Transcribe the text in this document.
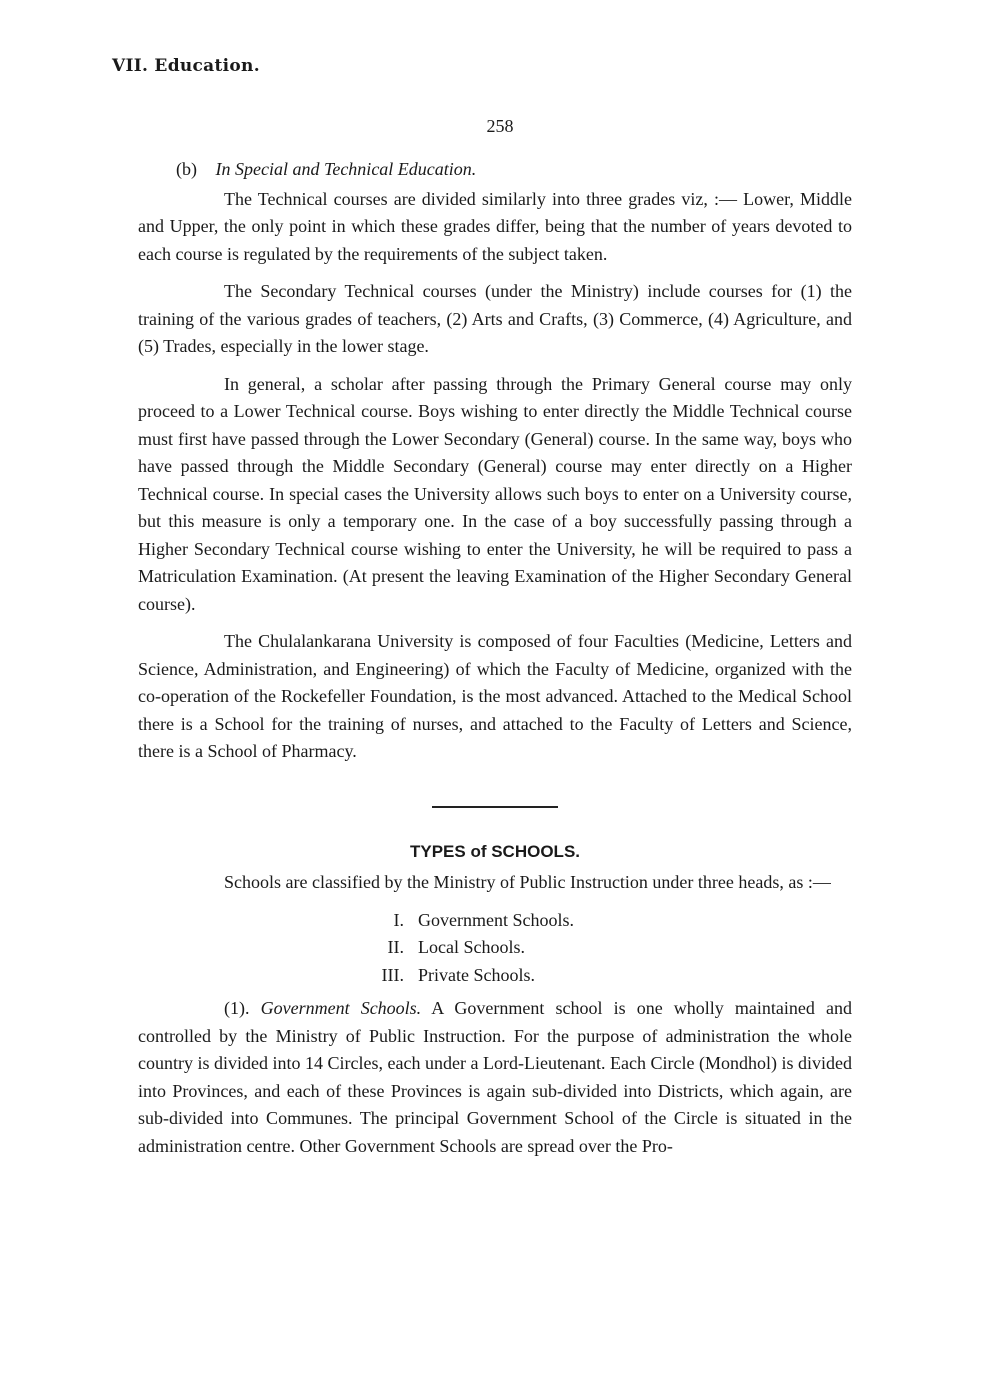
VII. Education.
258
(b) In Special and Technical Education.

The Technical courses are divided similarly into three grades viz, :— Lower, Middle and Upper, the only point in which these grades differ, being that the number of years devoted to each course is regulated by the requirements of the subject taken.

The Secondary Technical courses (under the Ministry) include courses for (1) the training of the various grades of teachers, (2) Arts and Crafts, (3) Commerce, (4) Agriculture, and (5) Trades, especially in the lower stage.

In general, a scholar after passing through the Primary General course may only proceed to a Lower Technical course. Boys wishing to enter directly the Middle Technical course must first have passed through the Lower Secondary (General) course. In the same way, boys who have passed through the Middle Secondary (General) course may enter directly on a Higher Technical course. In special cases the University allows such boys to enter on a University course, but this measure is only a temporary one. In the case of a boy successfully passing through a Higher Secondary Technical course wishing to enter the University, he will be required to pass a Matriculation Examination. (At present the leaving Examination of the Higher Secondary General course).

The Chulalankarana University is composed of four Faculties (Medicine, Letters and Science, Administration, and Engineering) of which the Faculty of Medicine, organized with the co-operation of the Rockefeller Foundation, is the most advanced. Attached to the Medical School there is a School for the training of nurses, and attached to the Faculty of Letters and Science, there is a School of Pharmacy.

TYPES of SCHOOLS.

Schools are classified by the Ministry of Public Instruction under three heads, as :—

I. Government Schools.
II. Local Schools.
III. Private Schools.

(1). Government Schools. A Government school is one wholly maintained and controlled by the Ministry of Public Instruction. For the purpose of administration the whole country is divided into 14 Circles, each under a Lord-Lieutenant. Each Circle (Mondhol) is divided into Provinces, and each of these Provinces is again sub-divided into Districts, which again, are sub-divided into Communes. The principal Government School of the Circle is situated in the administration centre. Other Government Schools are spread over the Pro-
